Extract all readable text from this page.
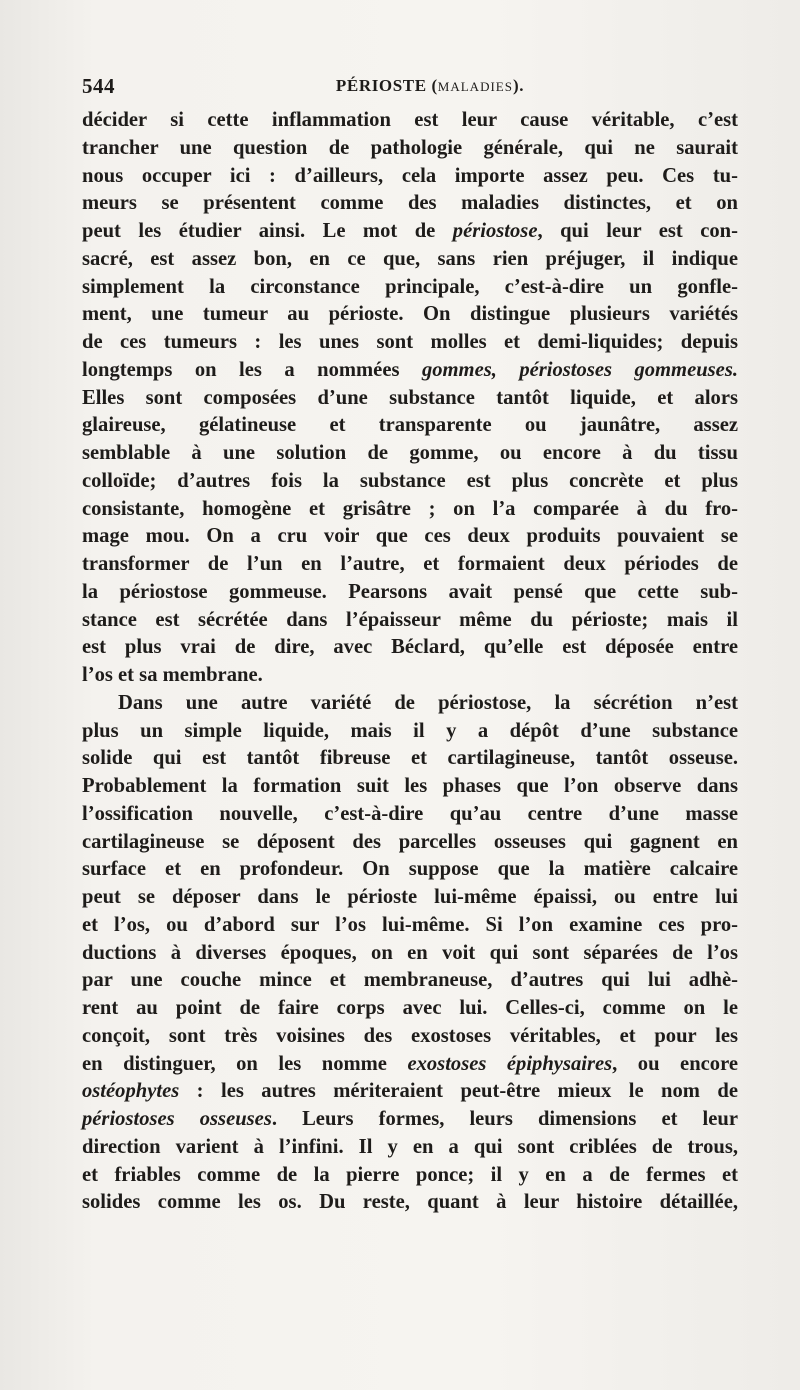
544	PÉRIOSTE (MALADIES).
décider si cette inflammation est leur cause véritable, c’est
trancher une question de pathologie générale, qui ne saurait
nous occuper ici : d’ailleurs, cela importe assez peu. Ces tu-
meurs se présentent comme des maladies distinctes, et on
peut les étudier ainsi. Le mot de périostose, qui leur est con-
sacré, est assez bon, en ce que, sans rien préjuger, il indique
simplement la circonstance principale, c’est-à-dire un gonfle-
ment, une tumeur au périoste. On distingue plusieurs variétés
de ces tumeurs : les unes sont molles et demi-liquides; depuis
longtemps on les a nommées gommes, périostoses gommeuses.
Elles sont composées d’une substance tantôt liquide, et alors
glaireuse, gélatineuse et transparente ou jaunâtre, assez
semblable à une solution de gomme, ou encore à du tissu
colloïde; d’autres fois la substance est plus concrète et plus
consistante, homogène et grisâtre ; on l’a comparée à du fro-
mage mou. On a cru voir que ces deux produits pouvaient se
transformer de l’un en l’autre, et formaient deux périodes de
la périostose gommeuse. Pearsons avait pensé que cette sub-
stance est sécrétée dans l’épaisseur même du périoste; mais il
est plus vrai de dire, avec Béclard, qu’elle est déposée entre
l’os et sa membrane.
Dans une autre variété de périostose, la sécrétion n’est
plus un simple liquide, mais il y a dépôt d’une substance
solide qui est tantôt fibreuse et cartilagineuse, tantôt osseuse.
Probablement la formation suit les phases que l’on observe dans
l’ossification nouvelle, c’est-à-dire qu’au centre d’une masse
cartilagineuse se déposent des parcelles osseuses qui gagnent en
surface et en profondeur. On suppose que la matière calcaire
peut se déposer dans le périoste lui-même épaissi, ou entre lui
et l’os, ou d’abord sur l’os lui-même. Si l’on examine ces pro-
ductions à diverses époques, on en voit qui sont séparées de l’os
par une couche mince et membraneuse, d’autres qui lui adhè-
rent au point de faire corps avec lui. Celles-ci, comme on le
conçoit, sont très voisines des exostoses véritables, et pour les
en distinguer, on les nomme exostoses épiphysaires, ou encore
ostéophytes : les autres mériteraient peut-être mieux le nom de
périostoses osseuses. Leurs formes, leurs dimensions et leur
direction varient à l’infini. Il y en a qui sont criblées de trous,
et friables comme de la pierre ponce; il y en a de fermes et
solides comme les os. Du reste, quant à leur histoire détaillée,
